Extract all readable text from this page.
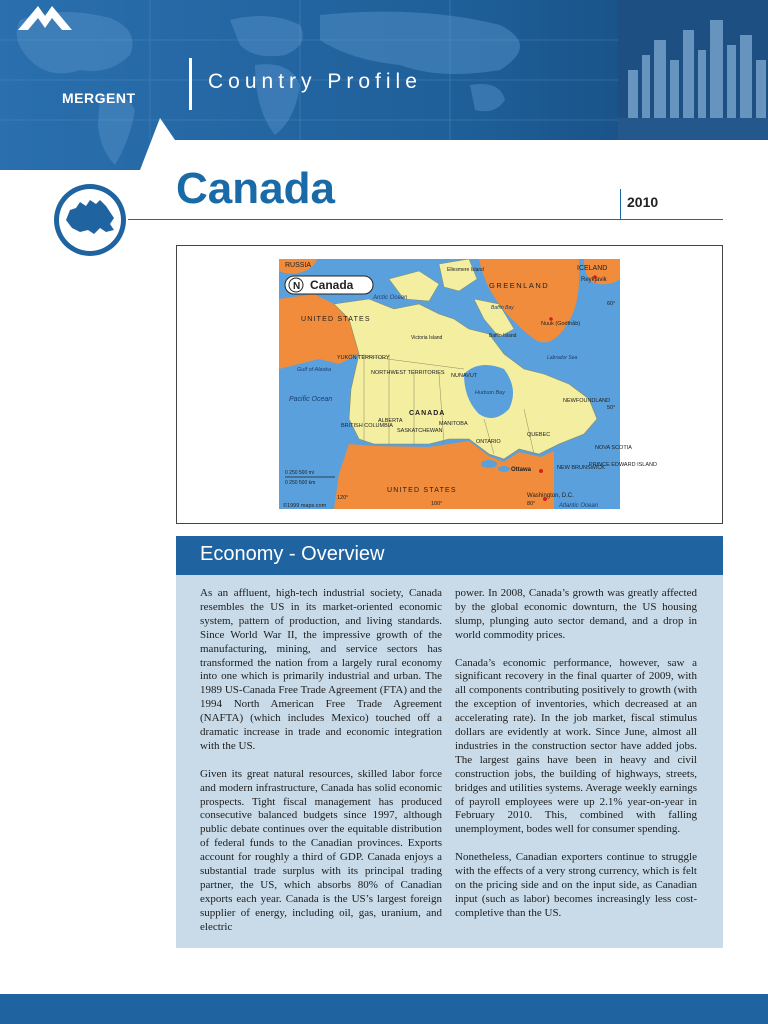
MERGENT
Country Profile
Canada	2010
N Canada
RUSSIA
GREENLAND
ICELAND
Reykjavik
Arctic Ocean
UNITED STATES
YUKON TERRITORY
NORTHWEST TERRITORIES NUNAVUT
CANADA
ALBERTA
BRITISH COLUMBIA
SASKATCHEWAN
MANITOBA
ONTARIO
QUEBEC
NEWFOUNDLAND
NOVA SCOTIA
PRINCE EDWARD ISLAND
NEW BRUNSWICK
Ottawa
Washington, D.C.
Atlantic Ocean
Pacific Ocean
Gulf of Alaska
Hudson Bay
Baffin Bay
Baffin Island
Labrador Sea
Victoria Island
Ellesmere Island
Nuuk (Godthåb)
UNITED STATES
0 250 500 mi
0 250 500 km
©1999 maps.com
120°
100°	80°
60°
50°
Economy - Overview

As an affluent, high-tech industrial society, Canada resembles the US in its market-oriented economic system, pattern of production, and living standards. Since World War II, the impressive growth of the manufacturing, mining, and service sectors has transformed the nation from a largely rural economy into one which is primarily industrial and urban. The 1989 US-Canada Free Trade Agreement (FTA) and the 1994 North American Free Trade Agreement (NAFTA) (which includes Mexico) touched off a dramatic increase in trade and economic integration with the US.

Given its great natural resources, skilled labor force and modern infrastructure, Canada has solid economic prospects. Tight fiscal management has produced consecutive balanced budgets since 1997, although public debate continues over the equitable distribution of federal funds to the Canadian provinces. Exports account for roughly a third of GDP. Canada enjoys a substantial trade surplus with its principal trading partner, the US, which absorbs 80% of Canadian exports each year. Canada is the US’s largest foreign supplier of energy, including oil, gas, uranium, and electric

power. In 2008, Canada’s growth was greatly affected by the global economic downturn, the US housing slump, plunging auto sector demand, and a drop in world commodity prices.

Canada’s economic performance, however, saw a significant recovery in the final quarter of 2009, with all components contributing positively to growth (with the exception of inventories, which decreased at an accelerating rate). In the job market, fiscal stimulus dollars are evidently at work. Since June, almost all industries in the construction sector have added jobs. The largest gains have been in heavy and civil construction jobs, the building of highways, streets, bridges and utilities systems. Average weekly earnings of payroll employees were up 2.1% year-on-year in February 2010. This, combined with falling unemployment, bodes well for consumer spending.

Nonetheless, Canadian exporters continue to struggle with the effects of a very strong currency, which is felt on the pricing side and on the input side, as Canadian input (such as labor) becomes increasingly less cost-completive than the US.
